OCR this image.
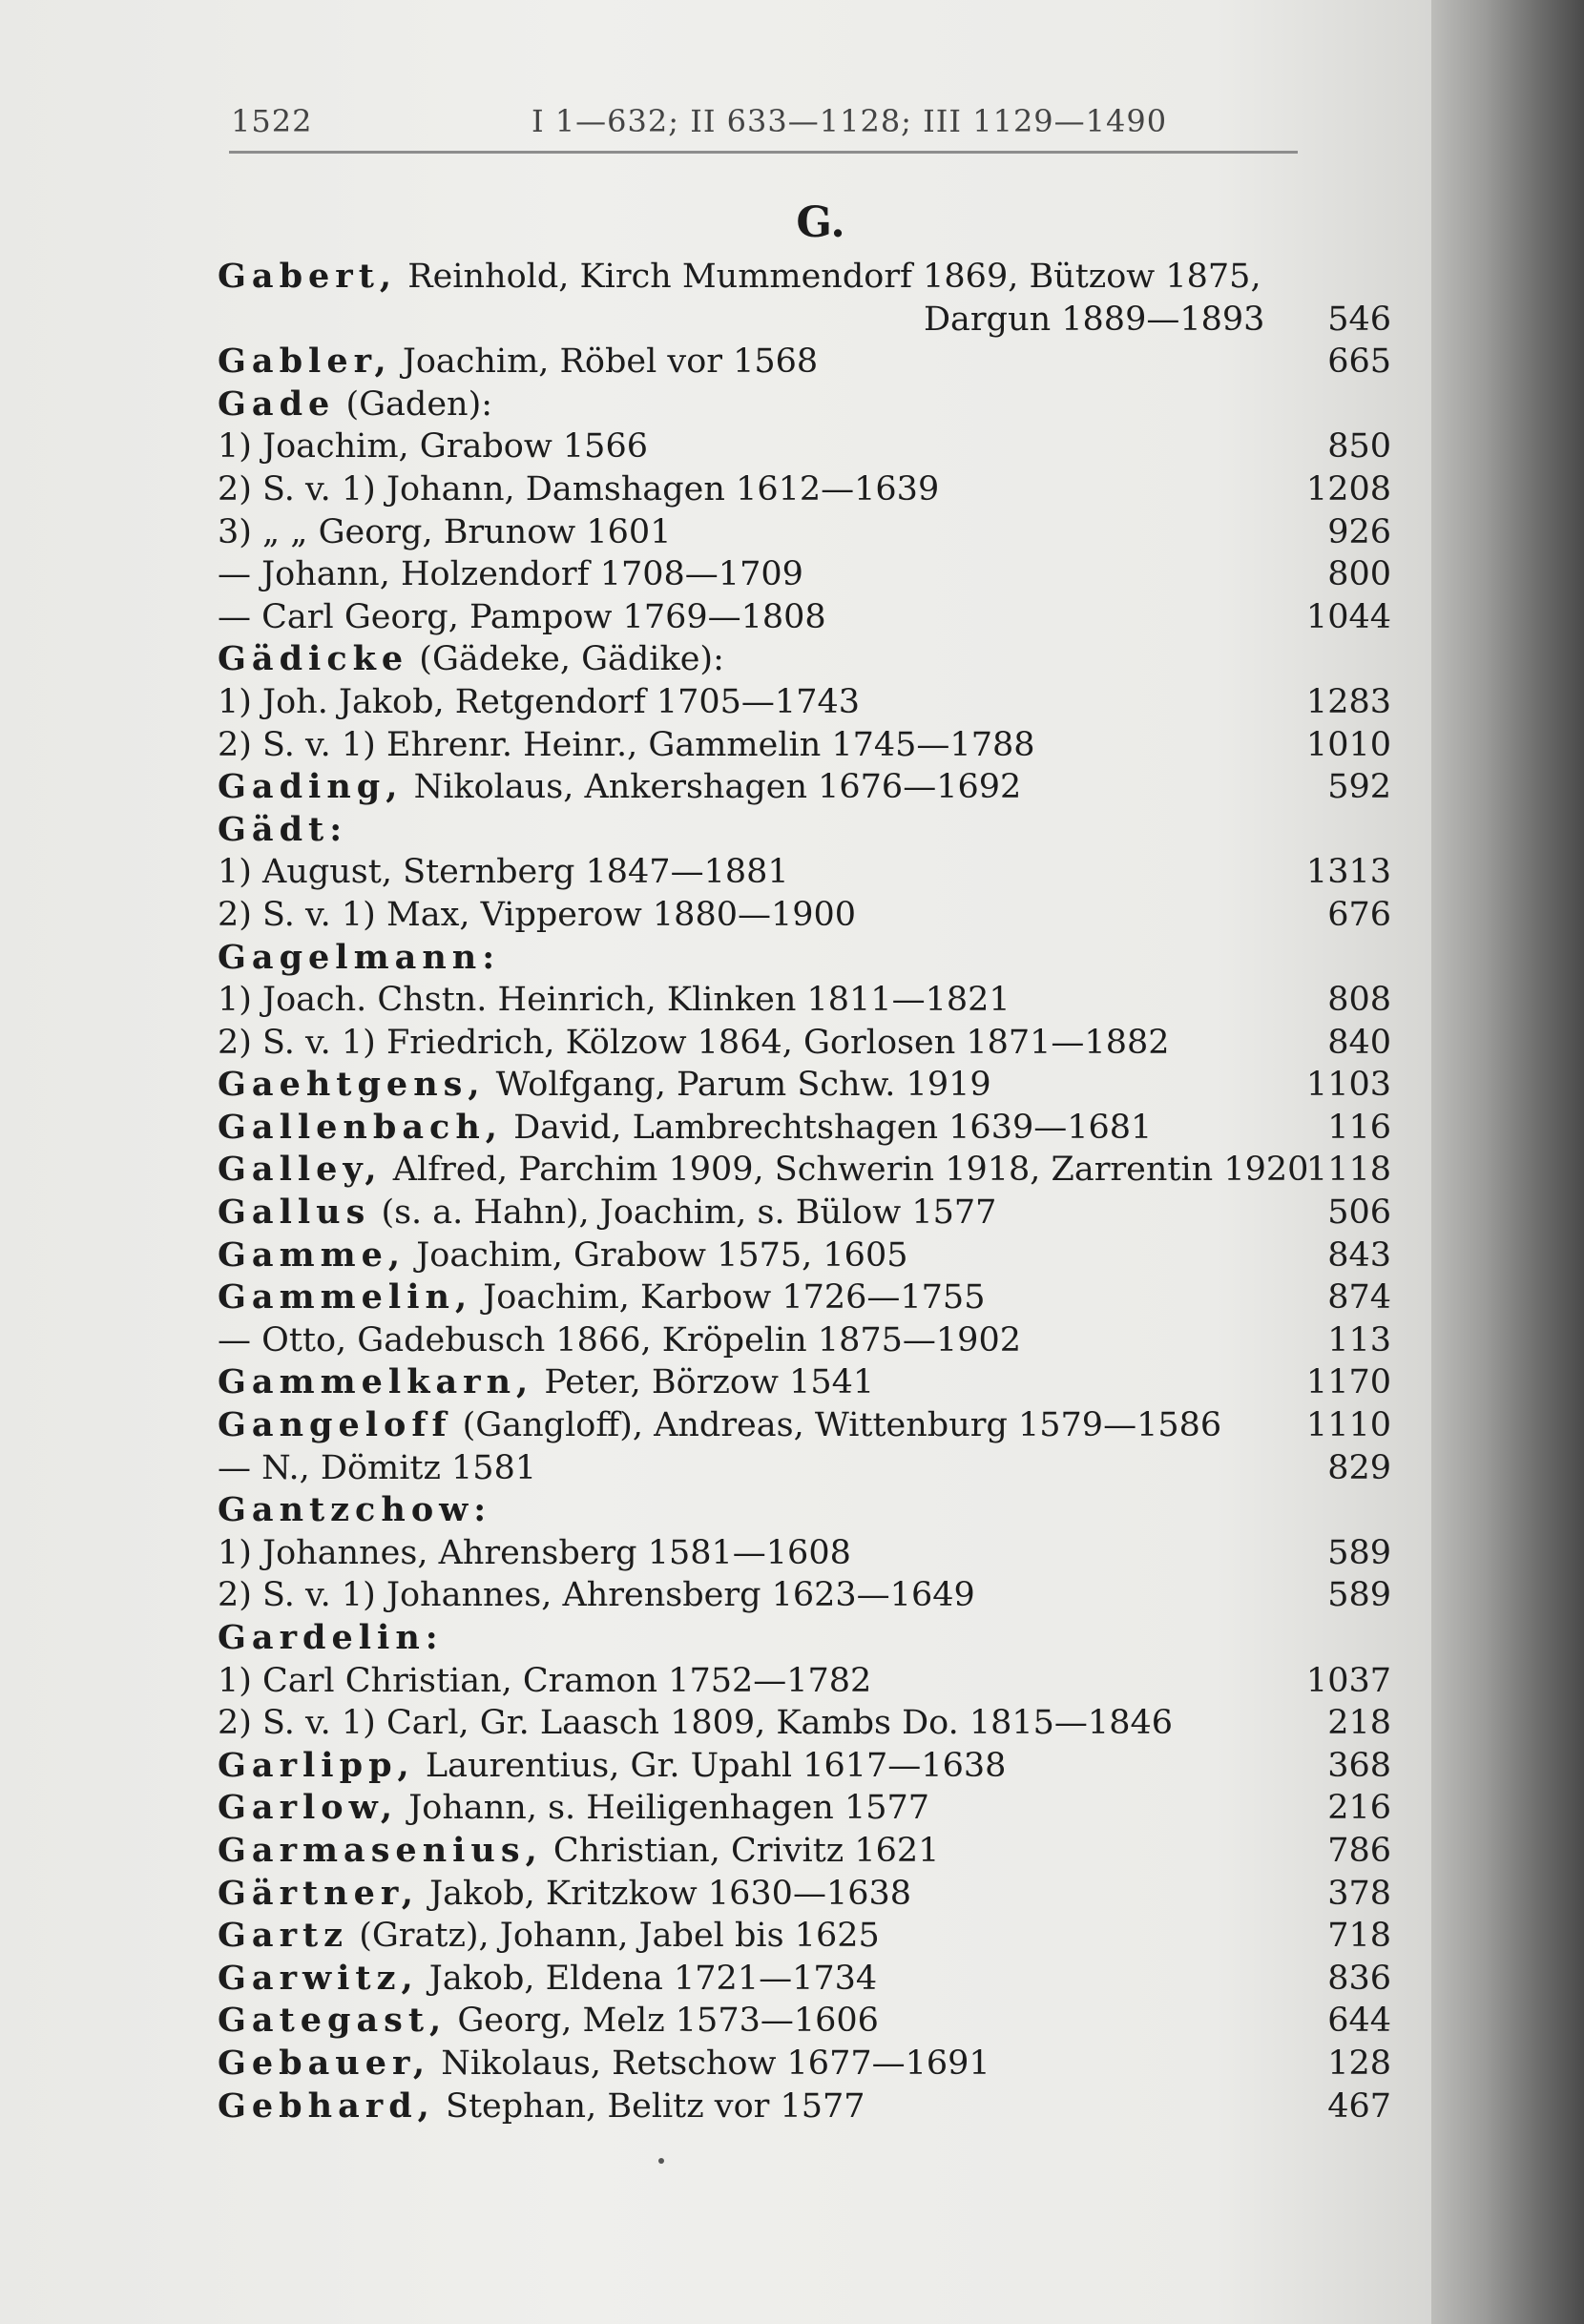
1522	I 1—632; II 633—1128; III 1129—1490
G.
Gabert, Reinhold, Kirch Mummendorf 1869, Bützow 1875,
Dargun 1889—1893 546
Gabler, Joachim, Röbel vor 1568	665
Gade (Gaden):
1) Joachim, Grabow 1566	850
2) S. v. 1) Johann, Damshagen 1612—1639	1208
3) „ „ Georg, Brunow 1601	926
— Johann, Holzendorf 1708—1709	800
— Carl Georg, Pampow 1769—1808	1044
Gädicke (Gädeke, Gädike):
1) Joh. Jakob, Retgendorf 1705—1743	1283
2) S. v. 1) Ehrenr. Heinr., Gammelin 1745—1788	1010
Gading, Nikolaus, Ankershagen 1676—1692	592
Gädt:
1) August, Sternberg 1847—1881	1313
2) S. v. 1) Max, Vipperow 1880—1900	676
Gagelmann:
1) Joach. Chstn. Heinrich, Klinken 1811—1821	808
2) S. v. 1) Friedrich, Kölzow 1864, Gorlosen 1871—1882	840
Gaehtgens, Wolfgang, Parum Schw. 1919	1103
Gallenbach, David, Lambrechtshagen 1639—1681	116
Galley, Alfred, Parchim 1909, Schwerin 1918, Zarrentin 1920
1118
Gallus (s. a. Hahn), Joachim, s. Bülow 1577	506
Gamme, Joachim, Grabow 1575, 1605	843
Gammelin, Joachim, Karbow 1726—1755	874
— Otto, Gadebusch 1866, Kröpelin 1875—1902	113
Gammelkarn, Peter, Börzow 1541	1170
Gangeloff (Gangloff), Andreas, Wittenburg 1579—1586	1110
— N., Dömitz 1581	829
Gantzchow:
1) Johannes, Ahrensberg 1581—1608	589
2) S. v. 1) Johannes, Ahrensberg 1623—1649	589
Gardelin:
1) Carl Christian, Cramon 1752—1782	1037
2) S. v. 1) Carl, Gr. Laasch 1809, Kambs Do. 1815—1846	218
Garlipp, Laurentius, Gr. Upahl 1617—1638	368
Garlow, Johann, s. Heiligenhagen 1577	216
Garmasenius, Christian, Crivitz 1621	786
Gärtner, Jakob, Kritzkow 1630—1638	378
Gartz (Gratz), Johann, Jabel bis 1625	718
Garwitz, Jakob, Eldena 1721—1734	836
Gategast, Georg, Melz 1573—1606	644
Gebauer, Nikolaus, Retschow 1677—1691	128
Gebhard, Stephan, Belitz vor 1577	467
